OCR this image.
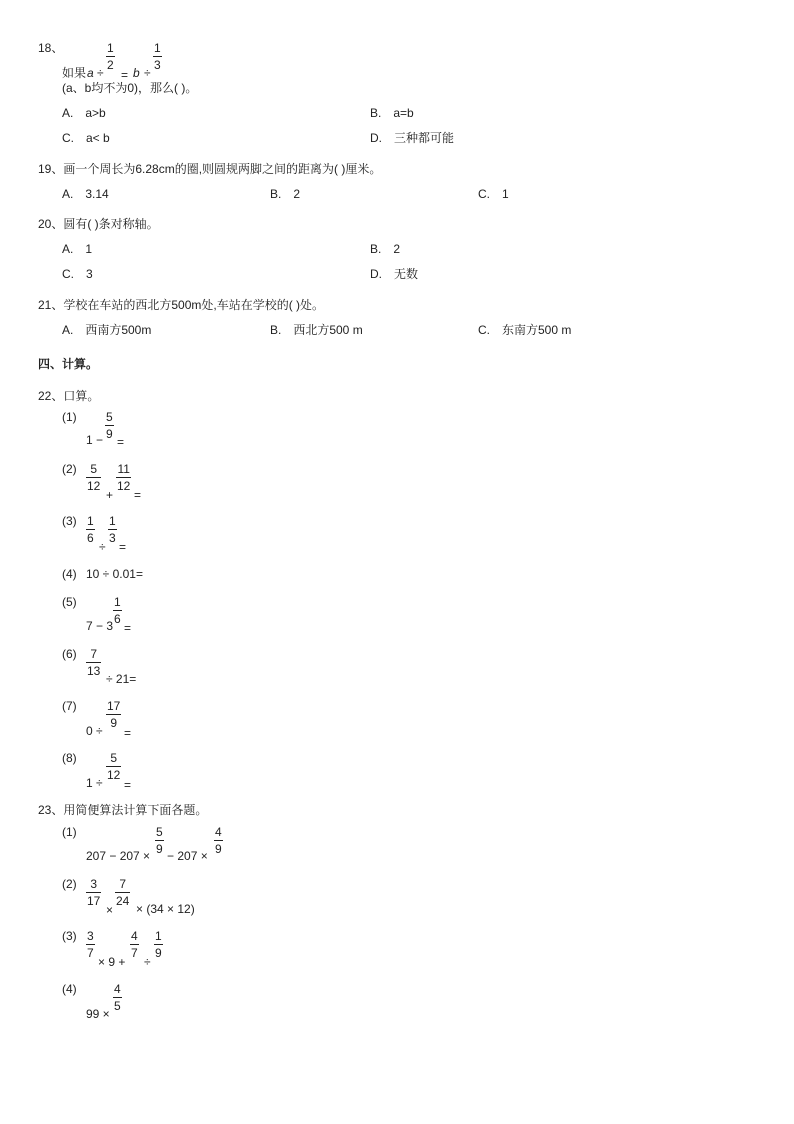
18、
如果 a ÷
$\frac{1}{2}$
= b ÷
$\frac{1}{3}$
(a、b均不为0)，那么( )。
A.　a>b	B.　a=b
C.　a< b	D.　三种都可能
19、画一个周长为6.28cm的圈,则圆规两脚之间的距离为( )厘米。
A.　3.14	B.　2	C.　1
20、圆有( )条对称轴。
A.　1	B.　2
C.　3	D.　无数
21、学校在车站的西北方500m处,车站在学校的( )处。
A.　西南方500m	B.　西北方500 m	C.　东南方500 m
四、计算。
22、口算。
(1)
$1 - \frac{5}{9}$
=
$(2) \frac{5}{12}$
+
$\frac{11}{12}$
=
$(3) \frac{1}{6}$
÷
$\frac{1}{3}$
=
(4) 10 ÷ 0.01=
(5)
7 − 3
$\frac{1}{6}$
=
$(6) \frac{7}{13}$
÷ 21=
(7)
0 ÷
$\frac{17}{9}$
=
(8)
1 ÷
$\frac{5}{12}$
=
23、用简便算法计算下面各题。
(1)
207 − 207 ×
$\frac{5}{9}$
− 207 ×
$\frac{4}{9}$
$(2) \frac{3}{17}$
×
$\frac{7}{24}$
× (34 × 12)
$(3) \frac{3}{7}$
× 9 +
$\frac{4}{7}$
÷
$\frac{1}{9}$
(4)
99 ×
$\frac{4}{5}$
